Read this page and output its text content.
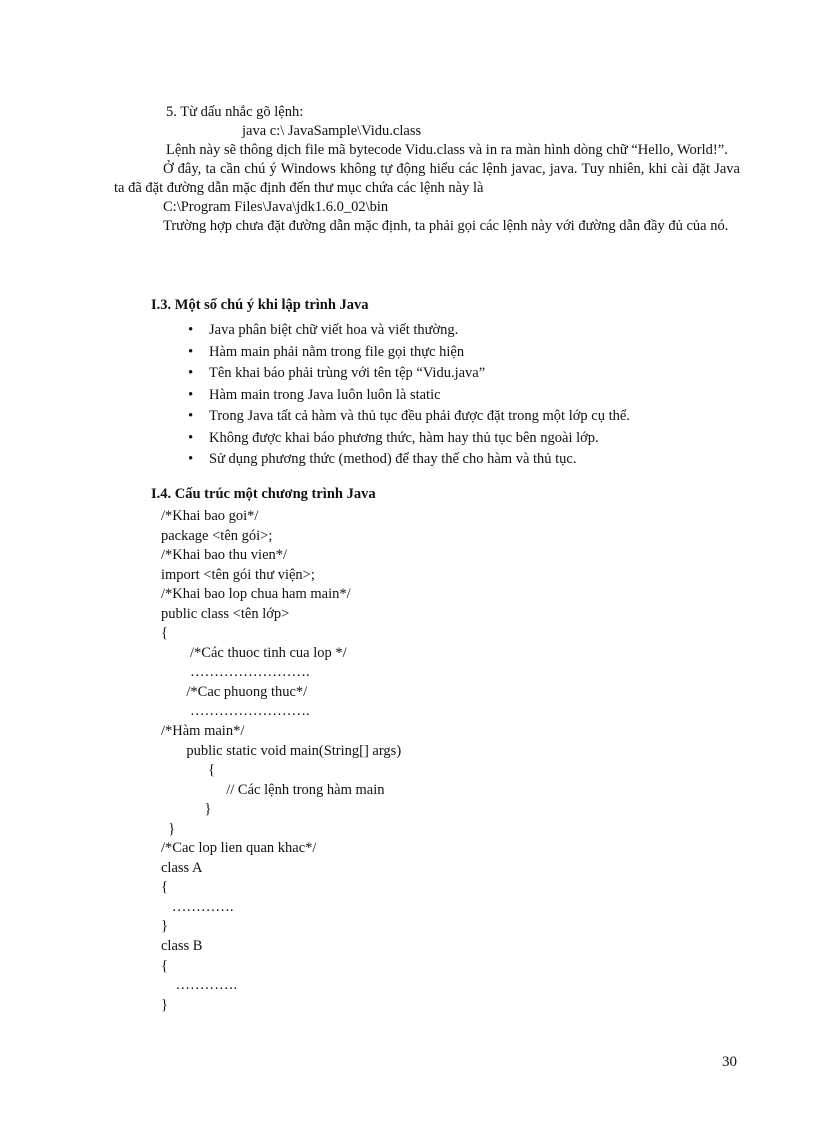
5. Từ dấu nhắc gõ lệnh:

java c:\ JavaSample\Vidu.class

Lệnh này sẽ thông dịch file mã bytecode Vidu.class và in ra màn hình dòng chữ “Hello, World!”.

Ở đây, ta cần chú ý Windows không tự động hiểu các lệnh javac, java. Tuy nhiên, khi cài đặt Java ta đã đặt đường dẫn mặc định đến thư mục chứa các lệnh này là

C:\Program Files\Java\jdk1.6.0_02\bin

Trường hợp chưa đặt đường dẫn mặc định, ta phải gọi các lệnh này với đường dẫn đầy đủ của nó.

I.3. Một số chú ý khi lập trình Java
• Java phân biệt chữ viết hoa và viết thường.
• Hàm main phải nằm trong file gọi thực hiện
• Tên khai báo phải trùng với tên tệp “Vidu.java”
• Hàm main trong Java luôn luôn là static
• Trong Java tất cả hàm và thủ tục đều phải được đặt trong một lớp cụ thể.
• Không được khai báo phương thức, hàm hay thủ tục bên ngoài lớp.
• Sử dụng phương thức (method) để thay thế cho hàm và thủ tục.
I.4. Cấu trúc một chương trình Java
/*Khai bao goi*/
package <tên gói>;
/*Khai bao thu vien*/
import <tên gói thư viện>;
/*Khai bao lop chua ham main*/
public class <tên lớp>
{
/*Các thuoc tinh cua lop */
…………………….
/*Cac phuong thuc*/
…………………….
/*Hàm main*/
public static void main(String[] args)
{
// Các lệnh trong hàm main
}
}
/*Cac lop lien quan khac*/
class A
{
………….
}
class B
{
………….
}
30
